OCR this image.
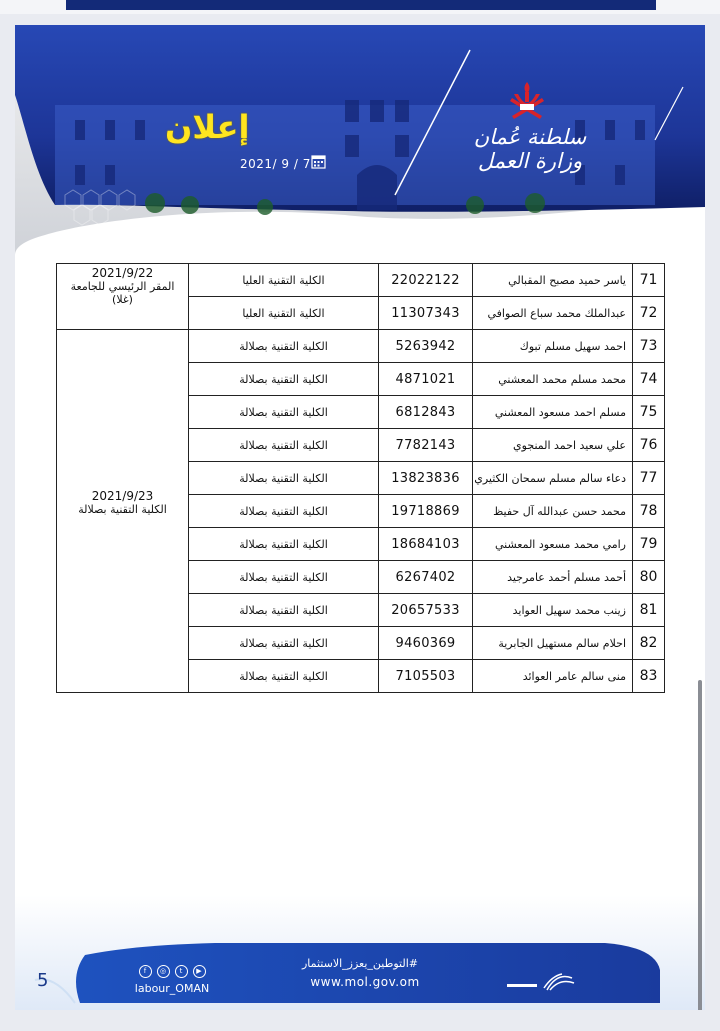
إعلان
2021/ 9 / 7
سلطنة عُمان
وزارة العمل
2021/9/22
المقر الرئيسي للجامعة
(غلا)	الكلية التقنية العليا	22022122	ياسر حميد مصبح المقبالي	71
	الكلية التقنية العليا	11307343	عبدالملك محمد سباع الصوافي	72

2021/9/23
الكلية التقنية بصلالة	الكلية التقنية بصلالة	5263942	احمد سهيل مسلم تبوك	73
	الكلية التقنية بصلالة	4871021	محمد مسلم محمد المعشني	74
	الكلية التقنية بصلالة	6812843	مسلم احمد مسعود المعشني	75
	الكلية التقنية بصلالة	7782143	علي سعيد احمد المنجوي	76
	الكلية التقنية بصلالة	13823836	دعاء سالم مسلم سمحان الكثيري	77
	الكلية التقنية بصلالة	19718869	محمد حسن عبدالله آل حفيظ	78
	الكلية التقنية بصلالة	18684103	رامي محمد مسعود المعشني	79
	الكلية التقنية بصلالة	6267402	أحمد مسلم أحمد عامرجيد	80
	الكلية التقنية بصلالة	20657533	زينب محمد سهيل العوايد	81
	الكلية التقنية بصلالة	9460369	احلام سالم مستهيل الجابرية	82
	الكلية التقنية بصلالة	7105503	منى سالم عامر العوائد	83
5	f	◎	t	▶
labour_OMAN
#التوطين_يعزز_الاستثمار
www.mol.gov.om
